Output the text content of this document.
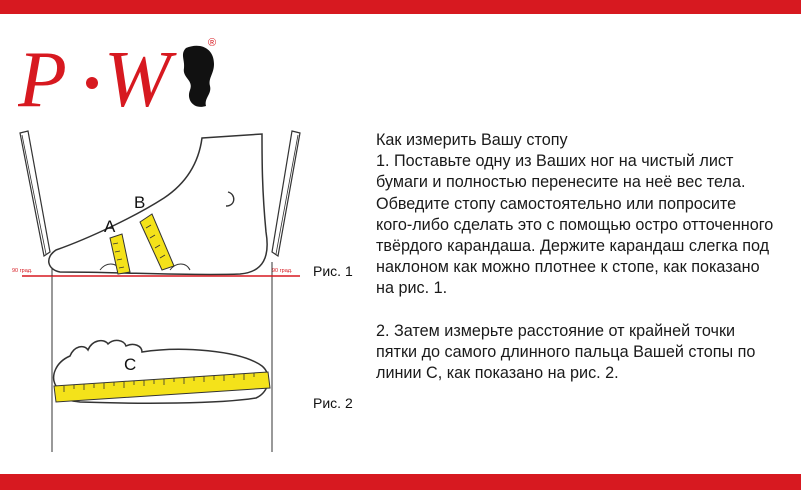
P W	®
A
B
90 град.	90 град.
C
Рис. 1
Рис. 2

Как измерить Вашу стопу

1. Поставьте одну из Ваших ног на чистый лист бумаги и полностью перенесите на неё вес тела. Обведите стопу самостоятельно или попросите кого-либо сделать это с помощью остро отточенного твёрдого карандаша. Держите карандаш слегка под наклоном как можно плотнее к стопе, как показано на рис. 1.

2. Затем измерьте расстояние от крайней точки пятки до самого длинного пальца Вашей стопы по линии С, как показано на рис. 2.
